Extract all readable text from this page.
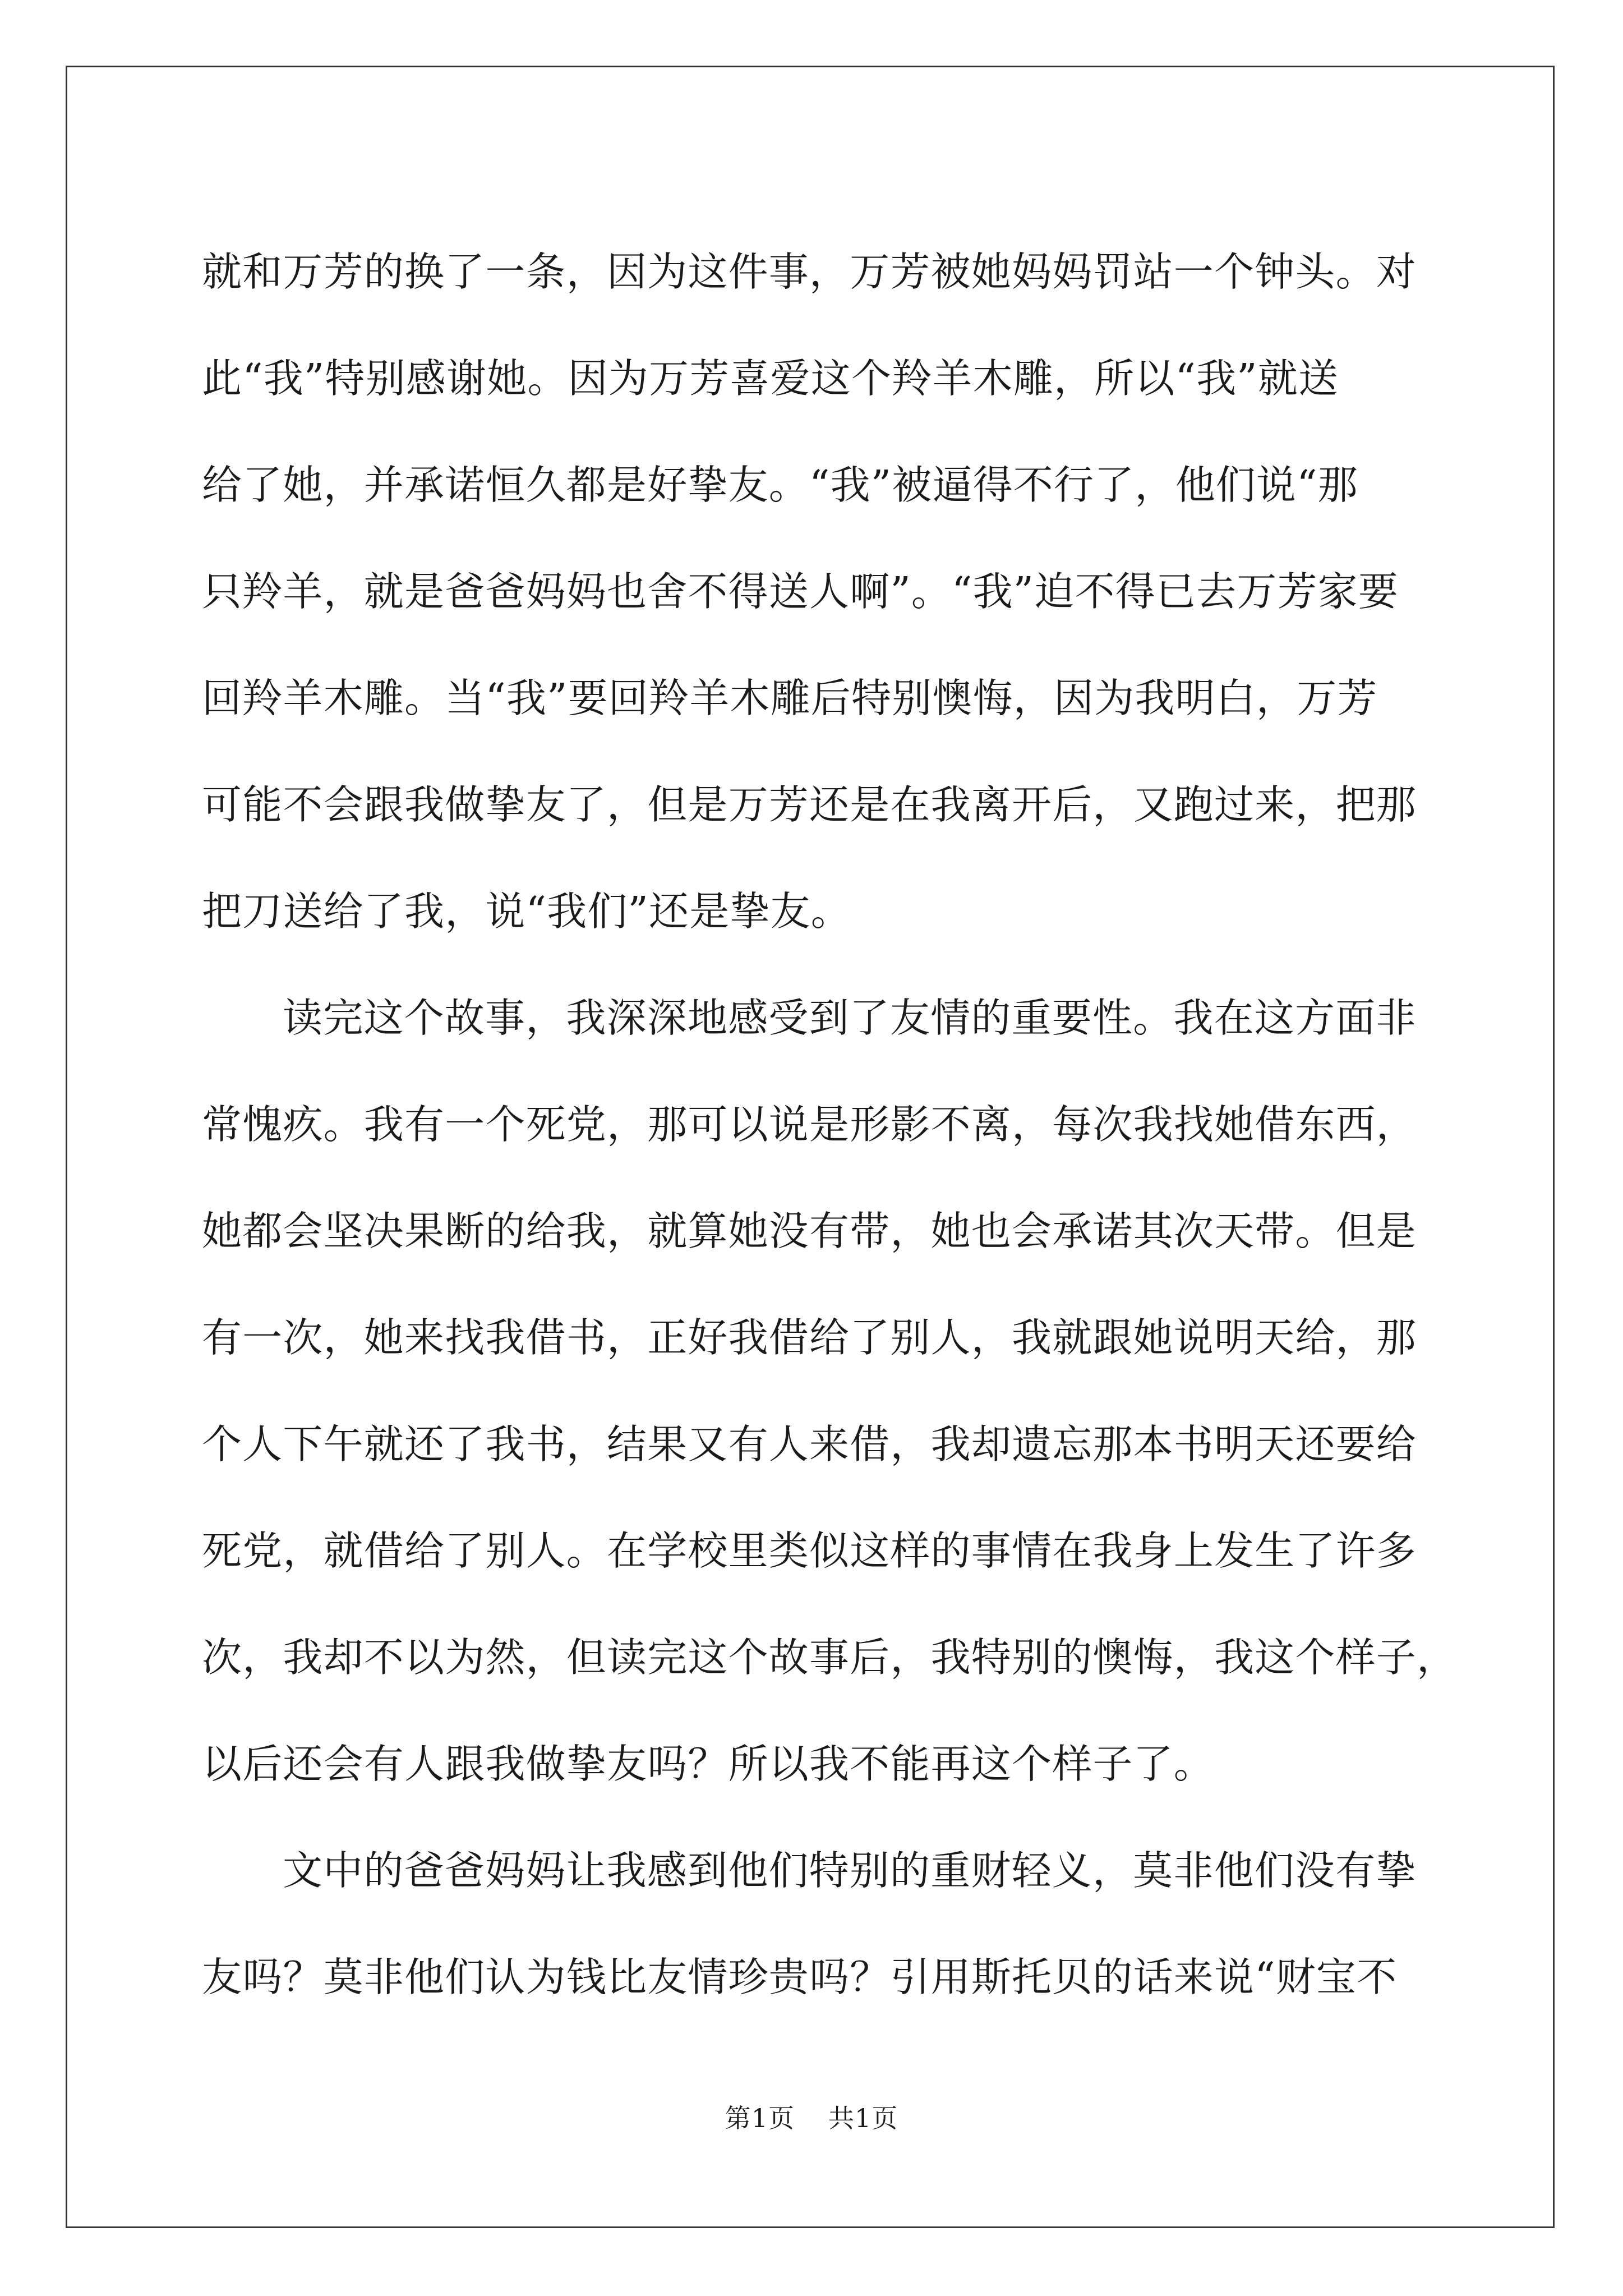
就和万芳的换了一条，因为这件事，万芳被她妈妈罚站一个钟头。对
此“我”特别感谢她。因为万芳喜爱这个羚羊木雕，所以“我”就送
给了她，并承诺恒久都是好挚友。“我”被逼得不行了，他们说“那
只羚羊，就是爸爸妈妈也舍不得送人啊”。“我”迫不得已去万芳家要
回羚羊木雕。当“我”要回羚羊木雕后特别懊悔，因为我明白，万芳
可能不会跟我做挚友了，但是万芳还是在我离开后，又跑过来，把那
把刀送给了我，说“我们”还是挚友。
读完这个故事，我深深地感受到了友情的重要性。我在这方面非
常愧疚。我有一个死党，那可以说是形影不离，每次我找她借东西，
她都会坚决果断的给我，就算她没有带，她也会承诺其次天带。但是
有一次，她来找我借书，正好我借给了别人，我就跟她说明天给，那
个人下午就还了我书，结果又有人来借，我却遗忘那本书明天还要给
死党，就借给了别人。在学校里类似这样的事情在我身上发生了许多
次，我却不以为然，但读完这个故事后，我特别的懊悔，我这个样子，
以后还会有人跟我做挚友吗？所以我不能再这个样子了。
文中的爸爸妈妈让我感到他们特别的重财轻义，莫非他们没有挚
友吗？莫非他们认为钱比友情珍贵吗？引用斯托贝的话来说“财宝不
第1页 共1页
